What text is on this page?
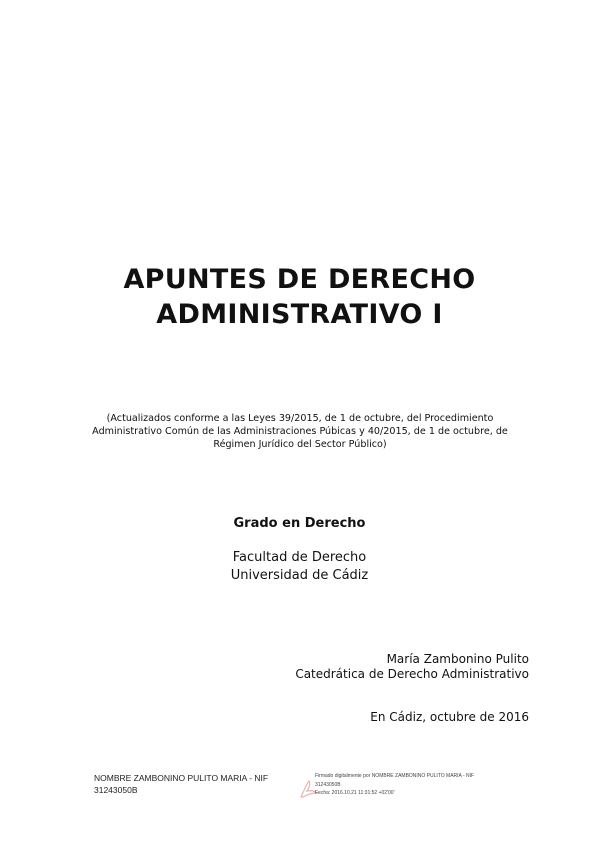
APUNTES DE DERECHO
ADMINISTRATIVO I
(Actualizados conforme a las Leyes 39/2015, de 1 de octubre, del Procedimiento
Administrativo Común de las Administraciones Púbicas y 40/2015, de 1 de octubre, de
Régimen Jurídico del Sector Público)
Grado en Derecho
Facultad de Derecho
Universidad de Cádiz
María Zambonino Pulito
Catedrática de Derecho Administrativo
En Cádiz, octubre de 2016
NOMBRE ZAMBONINO PULITO MARIA - NIF
31243050B
Firmado digitalmente por NOMBRE ZAMBONINO PULITO MARIA - NIF
31243050B
Fecha: 2016.10.21 11:31:52 +02'00'
